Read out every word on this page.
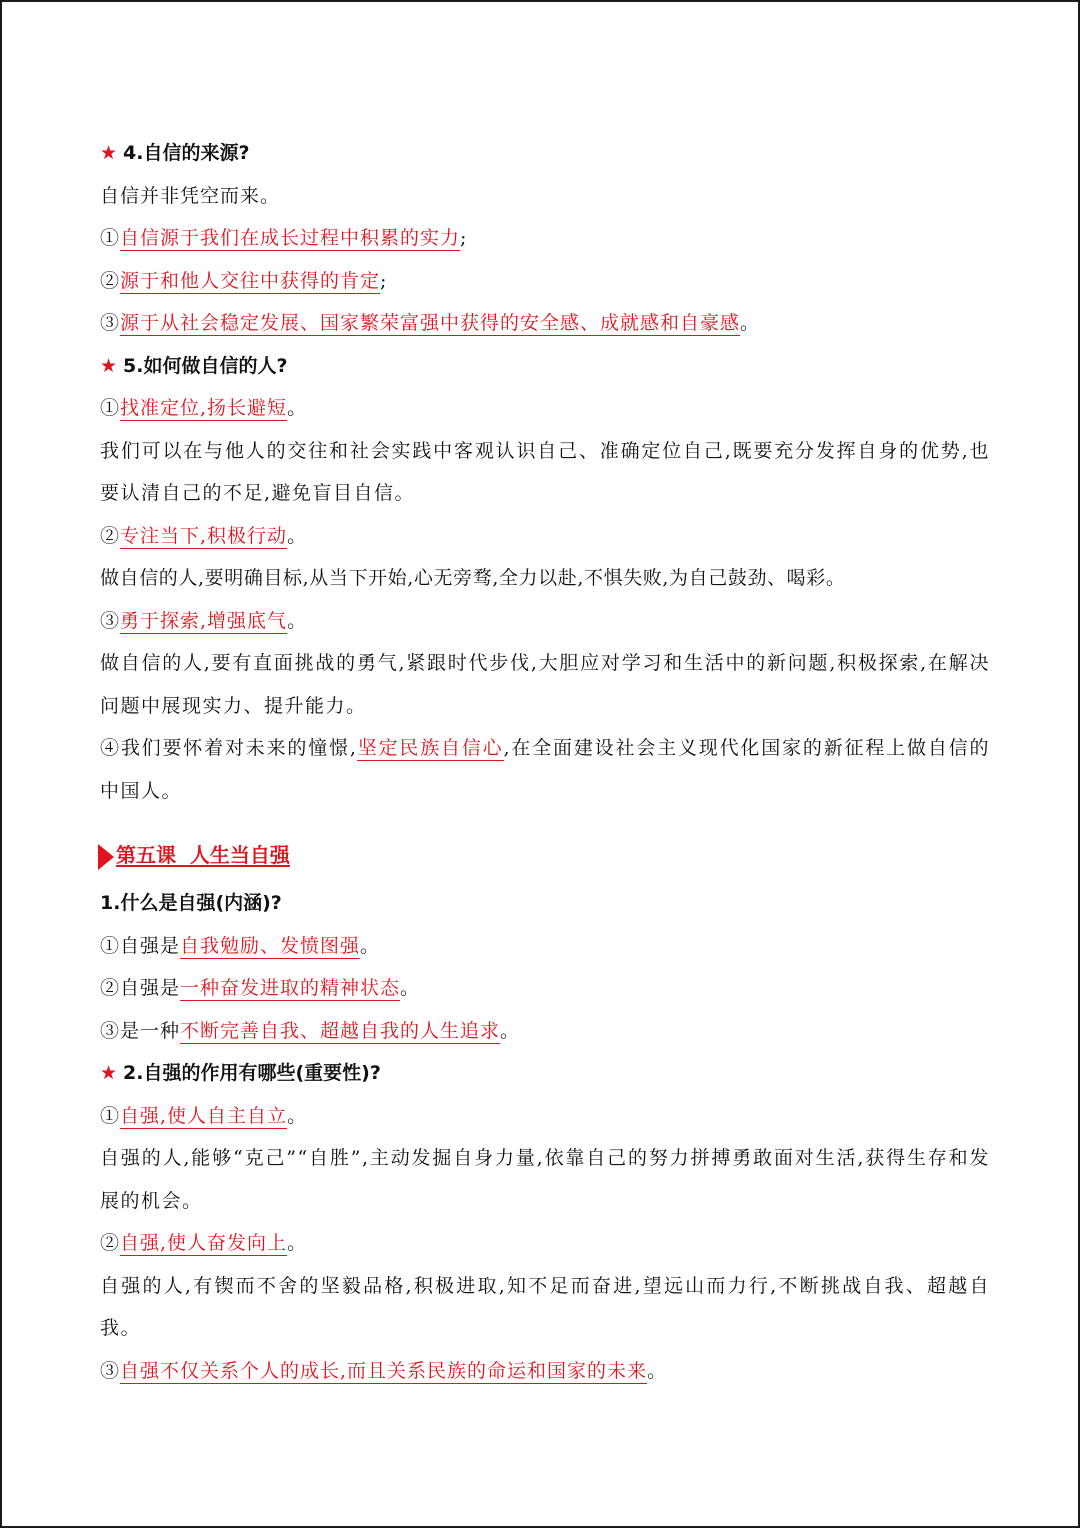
★ 4.自信的来源?
自信并非凭空而来。
①自信源于我们在成长过程中积累的实力;
②源于和他人交往中获得的肯定;
③源于从社会稳定发展、国家繁荣富强中获得的安全感、成就感和自豪感。
★ 5.如何做自信的人?
①找准定位,扬长避短。
我们可以在与他人的交往和社会实践中客观认识自己、准确定位自己,既要充分发挥自身的优势,也要认清自己的不足,避免盲目自信。
②专注当下,积极行动。
做自信的人,要明确目标,从当下开始,心无旁骛,全力以赴,不惧失败,为自己鼓劲、喝彩。
③勇于探索,增强底气。
做自信的人,要有直面挑战的勇气,紧跟时代步伐,大胆应对学习和生活中的新问题,积极探索,在解决问题中展现实力、提升能力。
④我们要怀着对未来的憧憬,坚定民族自信心,在全面建设社会主义现代化国家的新征程上做自信的中国人。
第五课  人生当自强
1.什么是自强(内涵)?
①自强是自我勉励、发愤图强。
②自强是一种奋发进取的精神状态。
③是一种不断完善自我、超越自我的人生追求。
★ 2.自强的作用有哪些(重要性)?
①自强,使人自主自立。
自强的人,能够“克己”“自胜”,主动发掘自身力量,依靠自己的努力拼搏勇敢面对生活,获得生存和发展的机会。
②自强,使人奋发向上。
自强的人,有锲而不舍的坚毅品格,积极进取,知不足而奋进,望远山而力行,不断挑战自我、超越自我。
③自强不仅关系个人的成长,而且关系民族的命运和国家的未来。
